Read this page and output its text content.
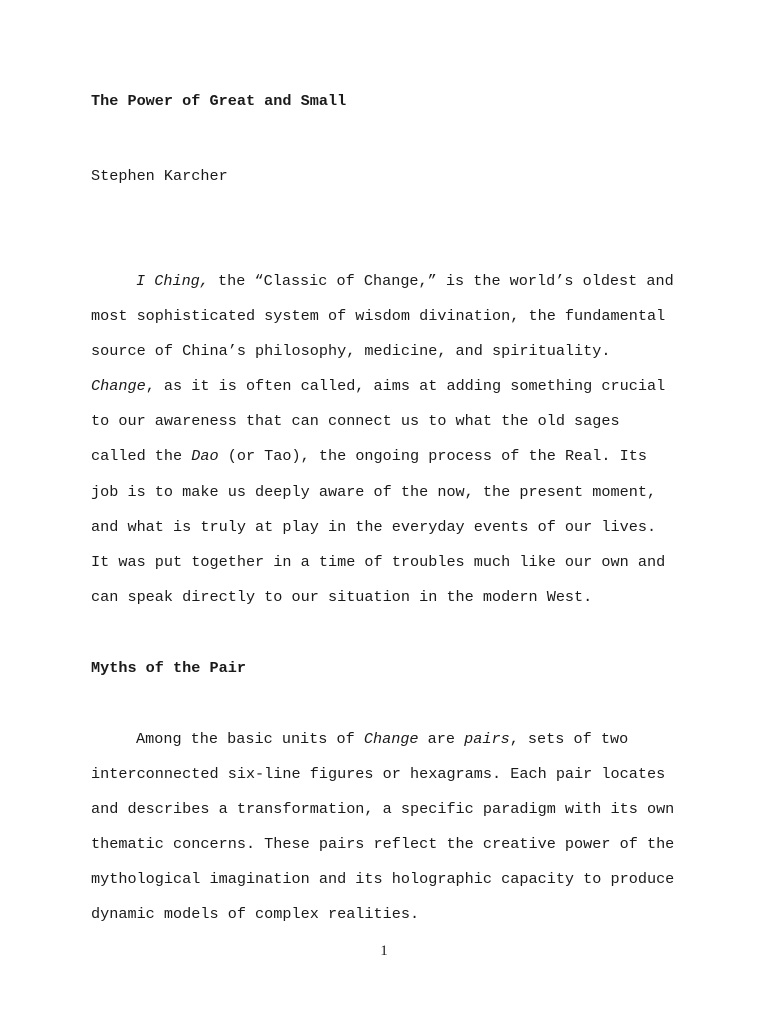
The Power of Great and Small

Stephen Karcher

I Ching, the “Classic of Change,” is the world’s oldest and
most sophisticated system of wisdom divination, the fundamental
source of China’s philosophy, medicine, and spirituality.
Change, as it is often called, aims at adding something crucial
to our awareness that can connect us to what the old sages
called the Dao (or Tao), the ongoing process of the Real. Its
job is to make us deeply aware of the now, the present moment,
and what is truly at play in the everyday events of our lives.
It was put together in a time of troubles much like our own and
can speak directly to our situation in the modern West.

Myths of the Pair

Among the basic units of Change are pairs, sets of two
interconnected six-line figures or hexagrams. Each pair locates
and describes a transformation, a specific paradigm with its own
thematic concerns. These pairs reflect the creative power of the
mythological imagination and its holographic capacity to produce
dynamic models of complex realities.
1
